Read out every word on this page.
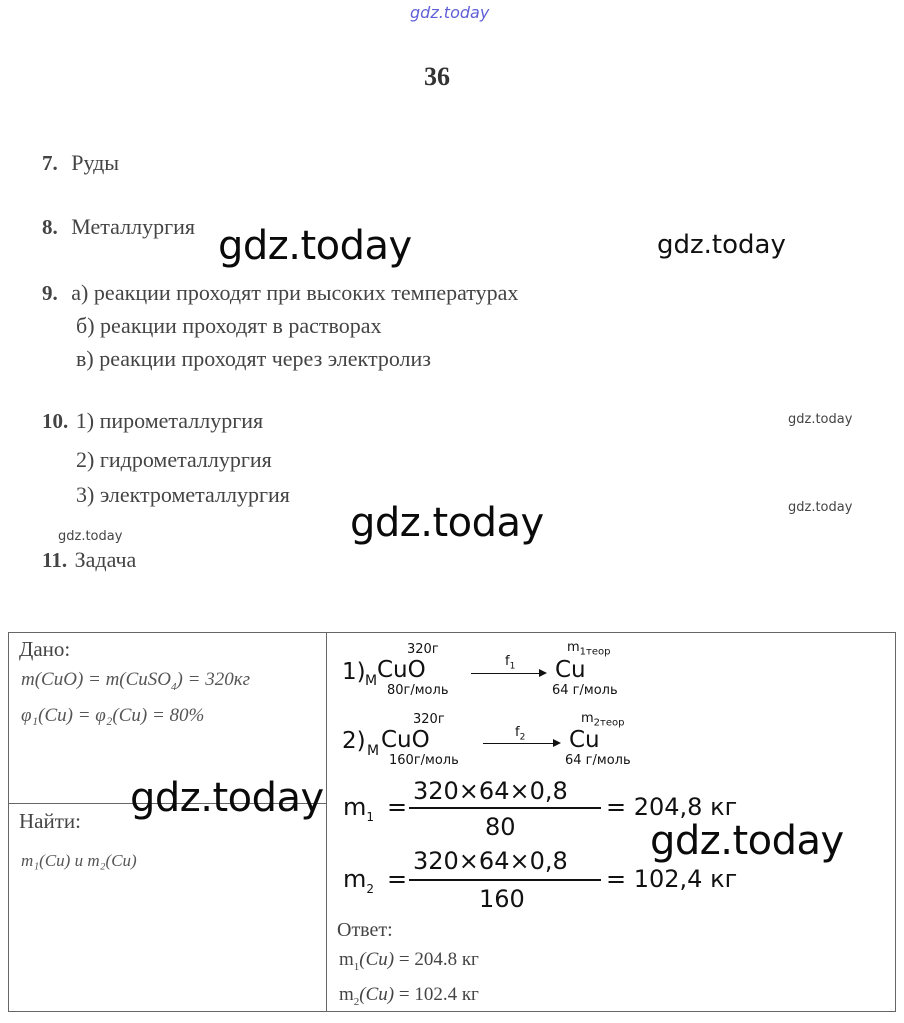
gdz.today
gdz.today	gdz.today
gdz.today
gdz.today	gdz.today
gdz.today
36
7. Руды
8. Металлургия
9. а) реакции проходят при высоких температурах
б) реакции проходят в растворах
в) реакции проходят через электролиз
10. 1) пирометаллургия
2) гидрометаллургия
3) электрометаллургия
11. Задача
Дано:
m(CuO) = m(CuSO$_4$) = 320кг
φ₁(Cu) = φ₂(Cu) = 80%
Найти:
m₁(Cu) и m₂(Cu)
320г	$m_{1теор}$
1) M CuO	$f_1$ Cu
80г/моль	64 г/моль
320г	$m_{2теор}$
2) M CuO	$f_2$ Cu
160г/моль	64 г/моль
$m_1$ =
320×64×0,8
80
= 204,8 кг
$m_2$ =
320×64×0,8
160
= 102,4 кг
Ответ:
$m_1(Cu) = 204.8$ кг
$m_2(Cu) = 102.4$ кг
gdz.today
gdz.today
